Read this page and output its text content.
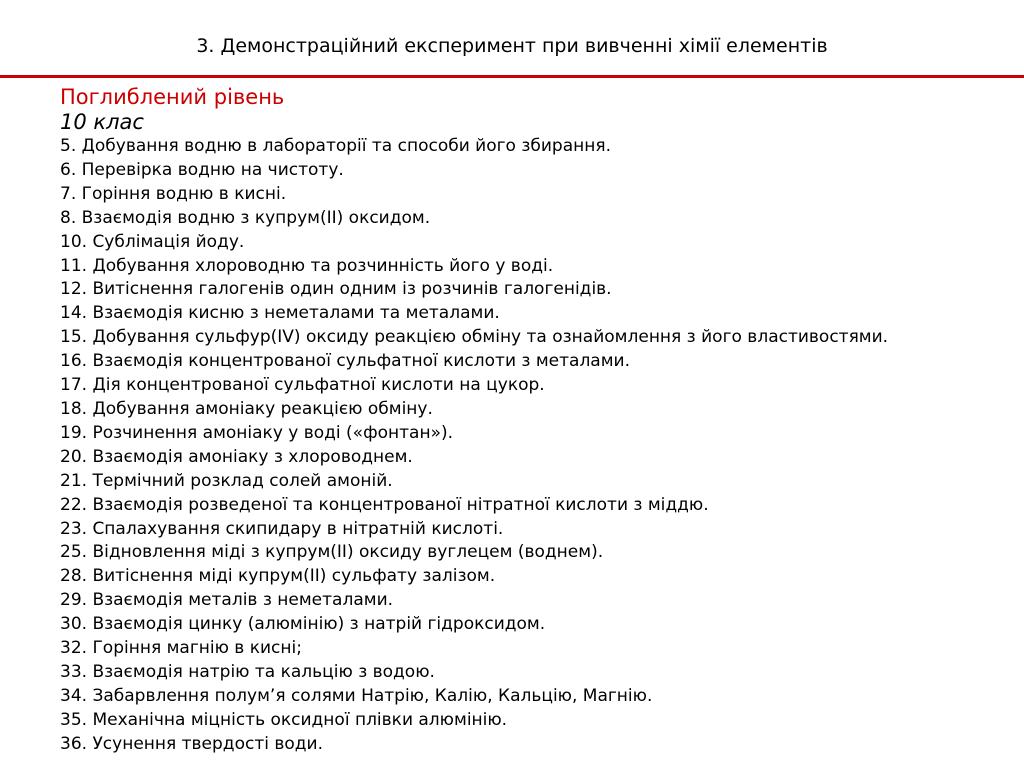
3. Демонстраційний експеримент при вивченні хімії елементів
Поглиблений рівень
10 клас
5. Добування водню в лабораторії та способи його збирання.
6. Перевірка водню на чистоту.
7. Горіння водню в кисні.
8. Взаємодія водню з купрум(ІІ) оксидом.
10. Сублімація йоду.
11. Добування хлороводню та розчинність його у воді.
12. Витіснення галогенів один одним із розчинів галогенідів.
14. Взаємодія кисню з неметалами та металами.
15. Добування сульфур(IV) оксиду реакцією обміну та ознайомлення з його властивостями.
16. Взаємодія концентрованої сульфатної кислоти з металами.
17. Дія концентрованої сульфатної кислоти на цукор.
18. Добування амоніаку реакцією обміну.
19. Розчинення амоніаку у воді («фонтан»).
20. Взаємодія амоніаку з хлороводнем.
21. Термічний розклад солей амоній.
22. Взаємодія розведеної та концентрованої нітратної кислоти з міддю.
23. Спалахування скипидару в нітратній кислоті.
25. Відновлення міді з купрум(ІІ) оксиду вуглецем (воднем).
28. Витіснення міді купрум(ІІ) сульфату залізом.
29. Взаємодія металів з неметалами.
30. Взаємодія цинку (алюмінію) з натрій гідроксидом.
32. Горіння магнію в кисні;
33. Взаємодія натрію та кальцію з водою.
34. Забарвлення полум’я солями Натрію, Калію, Кальцію, Магнію.
35. Механічна міцність оксидної плівки алюмінію.
36. Усунення твердості води.
